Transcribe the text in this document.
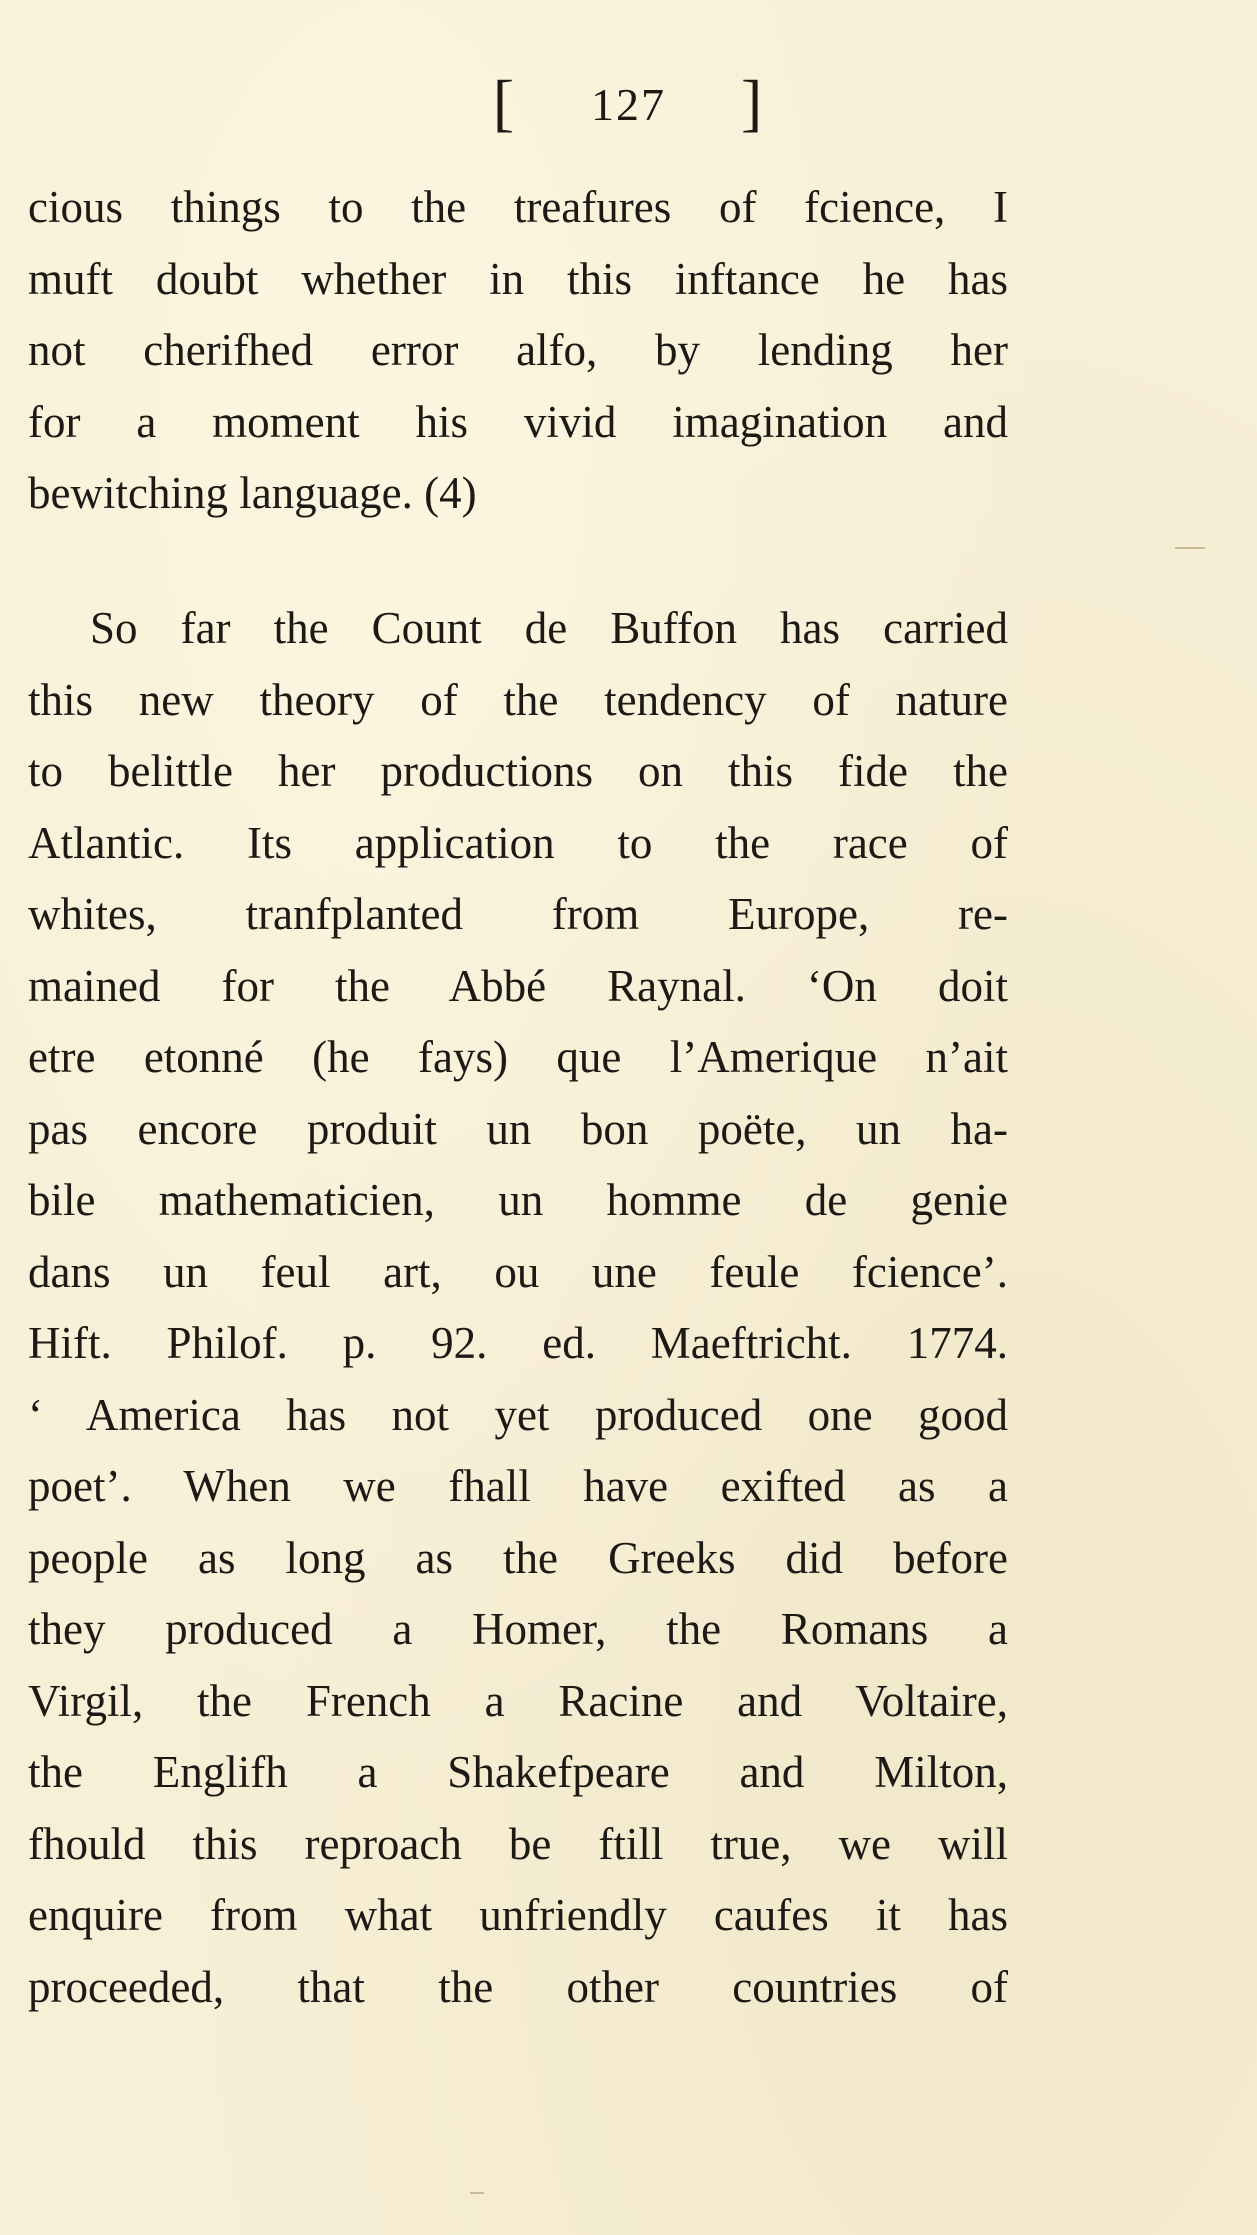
[ 127 ]
cious things to the treafures of fcience, I
muft doubt whether in this inftance he has
not cherifhed error alfo, by lending her
for a moment his vivid imagination and
bewitching language. (4)
So far the Count de Buffon has carried
this new theory of the tendency of nature
to belittle her productions on this fide the
Atlantic. Its application to the race of
whites, tranfplanted from Europe, re-
mained for the Abbé Raynal. ‘On doit
etre etonné (he fays) que l’Amerique n’ait
pas encore produit un bon poëte, un ha-
bile mathematicien, un homme de genie
dans un feul art, ou une feule fcience’.
Hift. Philof. p. 92. ed. Maeftricht. 1774.
‘ America has not yet produced one good
poet’. When we fhall have exifted as a
people as long as the Greeks did before
they produced a Homer, the Romans a
Virgil, the French a Racine and Voltaire,
the Englifh a Shakefpeare and Milton,
fhould this reproach be ftill true, we will
enquire from what unfriendly caufes it has
proceeded, that the other countries of
